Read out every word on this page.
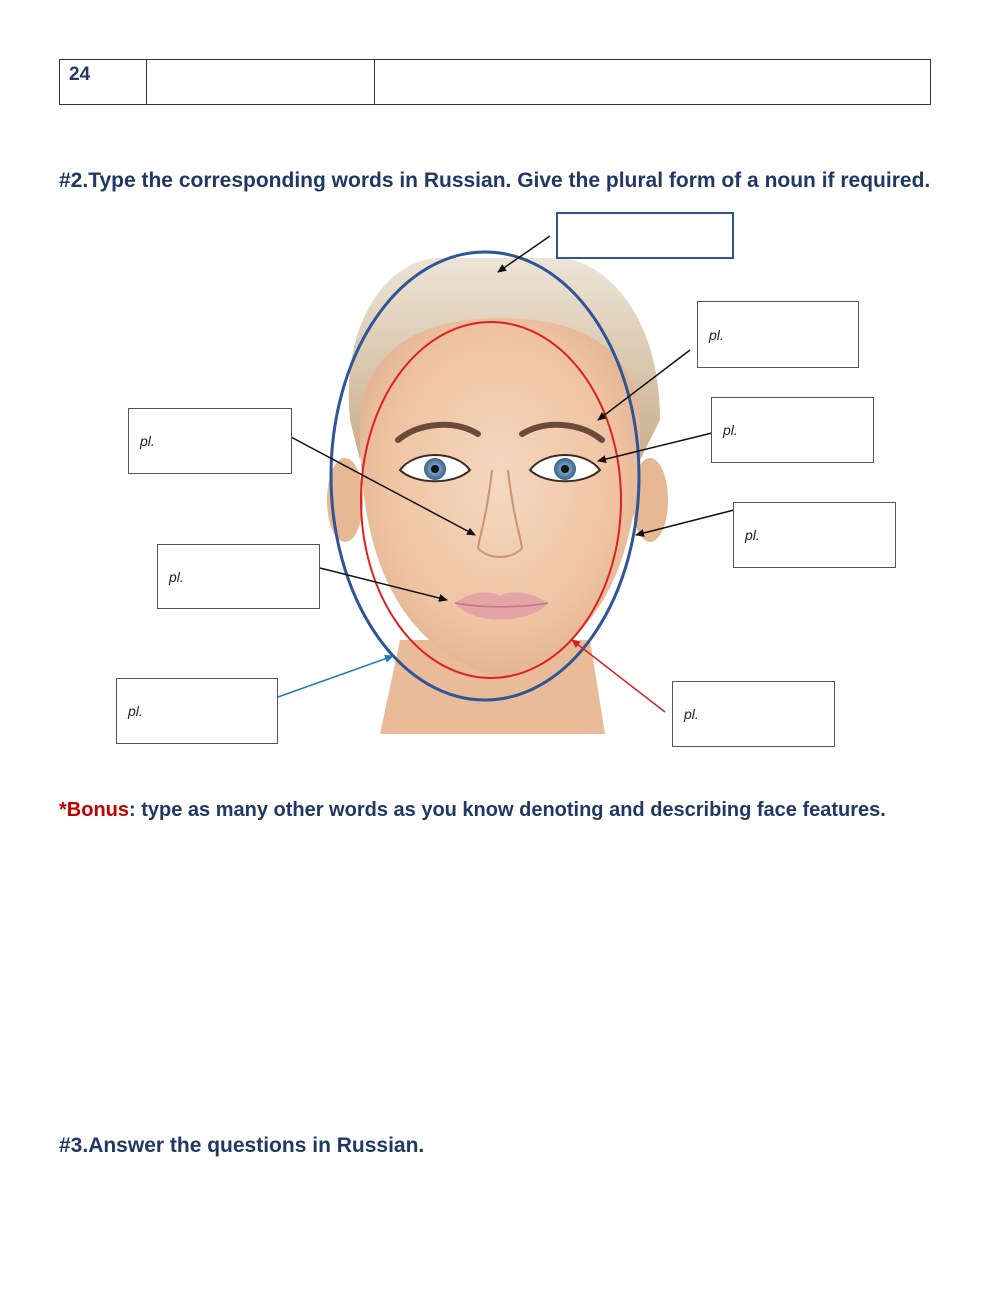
24		
#2.Type the corresponding words in Russian. Give the plural form of a noun if required.
pl.
pl.
pl.
pl.
pl.
pl.
pl.
*Bonus: type as many other words as you know denoting and describing face features.
#3.Answer the questions in Russian.
